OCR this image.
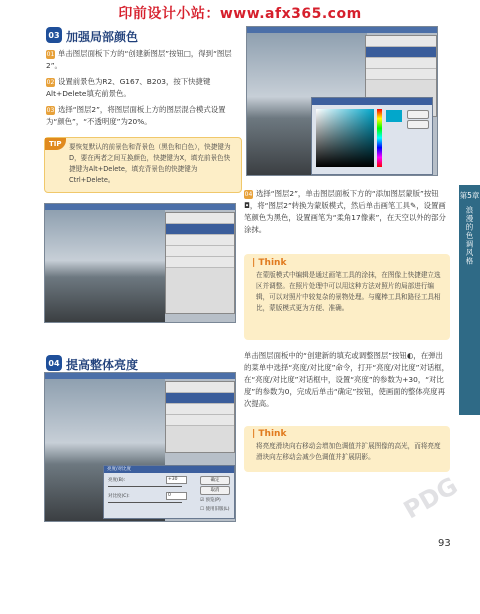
印前设计小站：www.afx365.com
03 加强局部颜色
01 单击图层面板下方的“创建新图层”按钮□，得到“图层2”。
02 设置前景色为R2、G167、B203，按下快捷键Alt+Delete填充前景色。
03 选择“图层2”，将图层面板上方的图层混合模式设置为“颜色”，“不透明度”为20%。
TIP	要恢复默认的前景色和背景色（黑色和白色），快捷键为D，要在两者之间互换颜色，快捷键为X，填充前景色快捷键为Alt+Delete，填充背景色的快捷键为Ctrl+Delete。
04 选择“图层2”，单击图层面板下方的“添加图层蒙版”按钮◘，将“图层2”转换为蒙版模式，然后单击画笔工具✎，设置画笔颜色为黑色，设置画笔为“柔角17像素”，在天空以外的部分涂抹。
| Think
在蒙版模式中编辑是通过画笔工具的涂抹，在图像上快捷建立选区并调整。在照片处理中可以用这种方法对照片的局部进行编辑，可以对照片中较复杂的景物处理。与魔棒工具和路径工具相比，蒙版模式更为方便、准确。
04 提高整体亮度
亮度/对比度
亮度(B):	+30
对比度(C):	0
确定
取消
☑ 预览(P)
☐ 使用旧版(L)
单击图层面板中的“创建新的填充或调整图层”按钮◐，在弹出的菜单中选择“亮度/对比度”命令，打开“亮度/对比度”对话框，在“亮度/对比度”对话框中，设置“亮度”的参数为+30，“对比度”的参数为0，完成后单击“确定”按钮，使画面的整体亮度再次提高。
| Think
将亮度滑块向右移动会增加色调值并扩展图像的高光，而将亮度滑块向左移动会减少色调值并扩展阴影。
第5章
浪漫的色调风格
PDG
93
